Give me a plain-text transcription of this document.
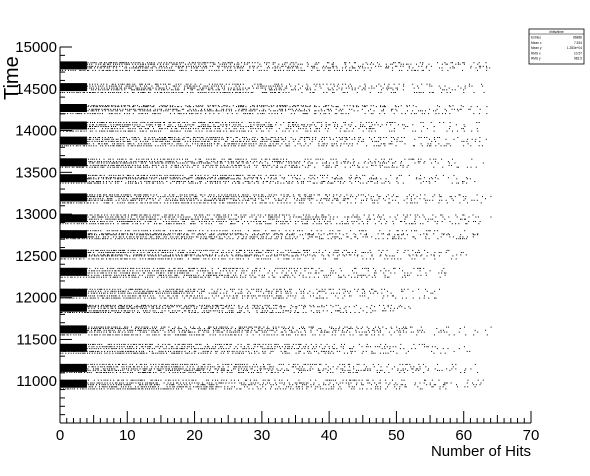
0	10	20	30	40	50	60	70
11000
11500
12000
12500
13000
13500
14000
14500
15000
Number of Hits
Time
nhitsvtime
Entries	86886
Mean x	7.534
Mean y	1.283e+04
RMS x	10.57
RMS y	983.5
